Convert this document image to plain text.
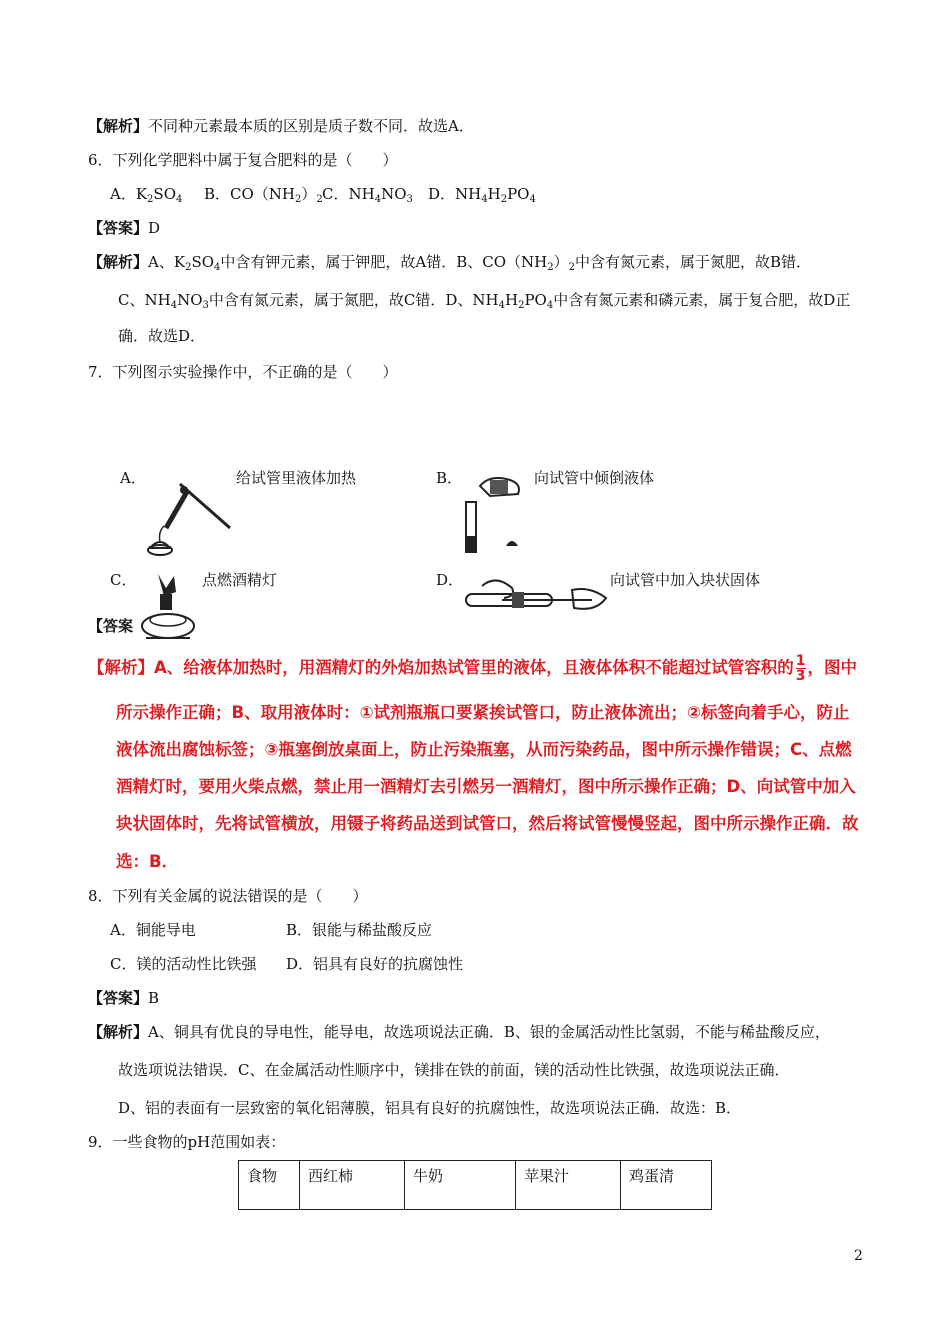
【解析】不同种元素最本质的区别是质子数不同．故选A．
6．下列化学肥料中属于复合肥料的是（　　）
A．$K_2SO_4$ B．$CO(NH_2)_2$ C．$NH_4NO_3$ D．$NH_4H_2PO_4$
【答案】D
【解析】A、$K_2SO_4$中含有钾元素，属于钾肥，故A错．B、$CO(NH_2)_2$中含有氮元素，属于氮肥，故B错．
C、$NH_4NO_3$中含有氮元素，属于氮肥，故C错．D、$NH_4H_2PO_4$中含有氮元素和磷元素，属于复合肥，故D正
确．故选D．
7．下列图示实验操作中，不正确的是（　　）
A．	给试管里液体加热	B．	向试管中倾倒液体
C．	点燃酒精灯	D．	向试管中加入块状固体
【答案
【解析】A、给液体加热时，用酒精灯的外焰加热试管里的液体，且液体体积不能超过试管容积的 $\frac{1}{3}$ ，图中
所示操作正确；B、取用液体时：①试剂瓶瓶口要紧挨试管口，防止液体流出；②标签向着手心，防止
液体流出腐蚀标签；③瓶塞倒放桌面上，防止污染瓶塞，从而污染药品，图中所示操作错误；C、点燃
酒精灯时，要用火柴点燃，禁止用一酒精灯去引燃另一酒精灯，图中所示操作正确；D、向试管中加入
块状固体时，先将试管横放，用镊子将药品送到试管口，然后将试管慢慢竖起，图中所示操作正确．故
选：B．
8．下列有关金属的说法错误的是（　　）
A．铜能导电	B．银能与稀盐酸反应
C．镁的活动性比铁强 D．铝具有良好的抗腐蚀性
【答案】B
【解析】A、铜具有优良的导电性，能导电，故选项说法正确．B、银的金属活动性比氢弱，不能与稀盐酸反应，
故选项说法错误．C、在金属活动性顺序中，镁排在铁的前面，镁的活动性比铁强，故选项说法正确．
D、铝的表面有一层致密的氧化铝薄膜，铝具有良好的抗腐蚀性，故选项说法正确．故选：B．
9．一些食物的pH范围如表：
食物	西红柿	牛奶	苹果汁	鸡蛋清
2
